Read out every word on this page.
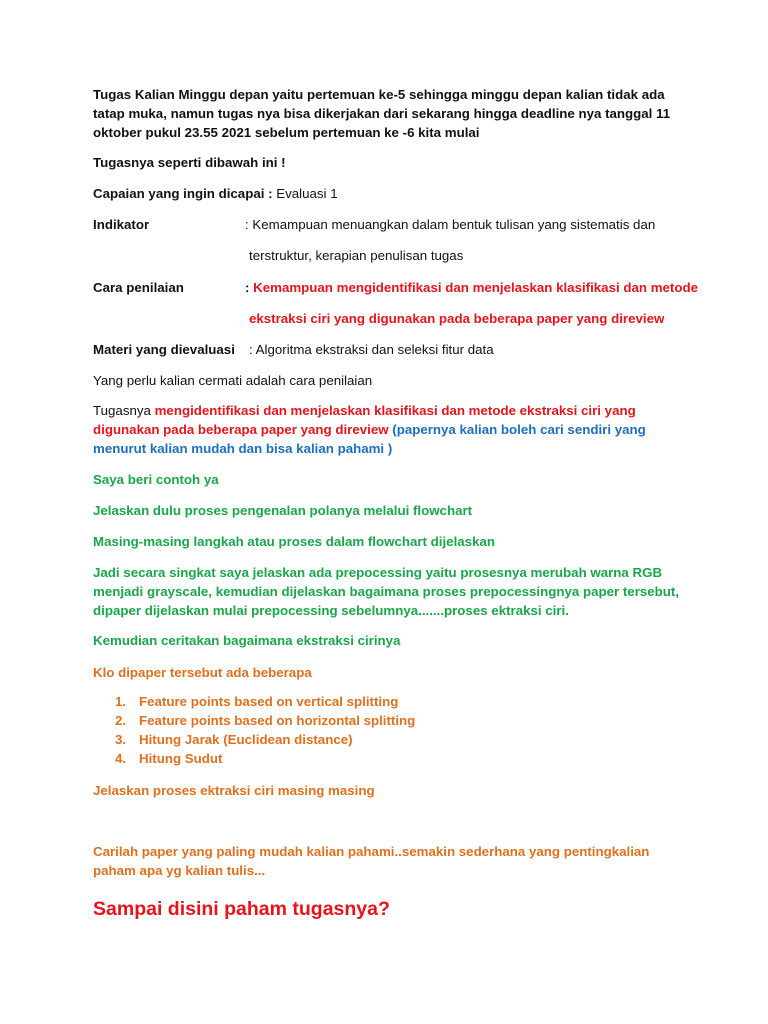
Tugas Kalian Minggu depan yaitu pertemuan ke-5 sehingga minggu depan kalian tidak ada tatap muka, namun tugas nya bisa dikerjakan dari sekarang hingga deadline nya tanggal 11 oktober pukul 23.55 2021 sebelum pertemuan ke -6 kita mulai

Tugasnya seperti dibawah ini !

Capaian yang ingin dicapai : Evaluasi 1

Indikator	: Kemampuan menuangkan dalam bentuk tulisan yang sistematis dan
terstruktur, kerapian penulisan tugas
Cara penilaian	: Kemampuan mengidentifikasi dan menjelaskan klasifikasi dan metode
ekstraksi ciri yang digunakan pada beberapa paper yang direview
Materi yang dievaluasi : Algoritma ekstraksi dan seleksi fitur data

Yang perlu kalian cermati adalah cara penilaian

Tugasnya mengidentifikasi dan menjelaskan klasifikasi dan metode ekstraksi ciri yang digunakan pada beberapa paper yang direview (papernya kalian boleh cari sendiri yang menurut kalian mudah dan bisa kalian pahami )

Saya beri contoh ya

Jelaskan dulu proses pengenalan polanya melalui flowchart

Masing-masing langkah atau proses dalam flowchart dijelaskan

Jadi secara singkat saya jelaskan ada prepocessing yaitu prosesnya merubah warna RGB menjadi grayscale, kemudian dijelaskan bagaimana proses prepocessingnya paper tersebut, dipaper dijelaskan mulai prepocessing sebelumnya.......proses ektraksi ciri.

Kemudian ceritakan bagaimana ekstraksi cirinya

Klo dipaper tersebut ada beberapa

1. Feature points based on vertical splitting
2. Feature points based on horizontal splitting
3. Hitung Jarak (Euclidean distance)
4. Hitung Sudut

Jelaskan proses ektraksi ciri masing masing

Carilah paper yang paling mudah kalian pahami..semakin sederhana yang pentingkalian paham apa yg kalian tulis...

Sampai disini paham tugasnya?
